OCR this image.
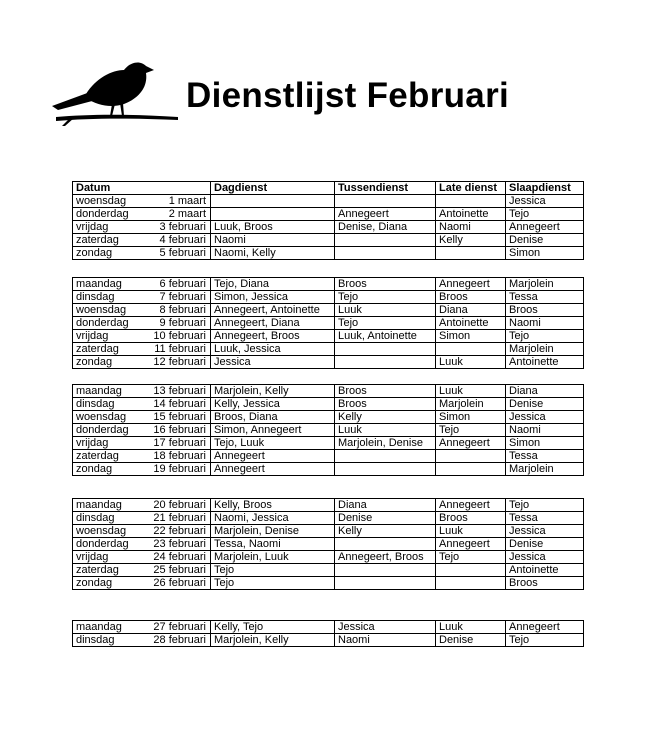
Dienstlijst Februari
Datum		Dagdienst	Tussendienst	Late dienst	Slaapdienst
woensdag	1 maart				Jessica
donderdag	2 maart		Annegeert	Antoinette	Tejo
vrijdag	3 februari	Luuk, Broos	Denise, Diana	Naomi	Annegeert
zaterdag	4 februari	Naomi		Kelly	Denise
zondag	5 februari	Naomi, Kelly			Simon
maandag	6 februari	Tejo, Diana	Broos	Annegeert	Marjolein
dinsdag	7 februari	Simon, Jessica	Tejo	Broos	Tessa
woensdag	8 februari	Annegeert, Antoinette	Luuk	Diana	Broos
donderdag	9 februari	Annegeert, Diana	Tejo	Antoinette	Naomi
vrijdag	10 februari	Annegeert, Broos	Luuk, Antoinette	Simon	Tejo
zaterdag	11 februari	Luuk, Jessica			Marjolein
zondag	12 februari	Jessica		Luuk	Antoinette
maandag	13 februari	Marjolein, Kelly	Broos	Luuk	Diana
dinsdag	14 februari	Kelly, Jessica	Broos	Marjolein	Denise
woensdag	15 februari	Broos, Diana	Kelly	Simon	Jessica
donderdag	16 februari	Simon, Annegeert	Luuk	Tejo	Naomi
vrijdag	17 februari	Tejo, Luuk	Marjolein, Denise	Annegeert	Simon
zaterdag	18 februari	Annegeert			Tessa
zondag	19 februari	Annegeert			Marjolein
maandag	20 februari	Kelly, Broos	Diana	Annegeert	Tejo
dinsdag	21 februari	Naomi, Jessica	Denise	Broos	Tessa
woensdag	22 februari	Marjolein, Denise	Kelly	Luuk	Jessica
donderdag	23 februari	Tessa, Naomi		Annegeert	Denise
vrijdag	24 februari	Marjolein, Luuk	Annegeert, Broos	Tejo	Jessica
zaterdag	25 februari	Tejo			Antoinette
zondag	26 februari	Tejo			Broos
maandag	27 februari	Kelly, Tejo	Jessica	Luuk	Annegeert
dinsdag	28 februari	Marjolein, Kelly	Naomi	Denise	Tejo
